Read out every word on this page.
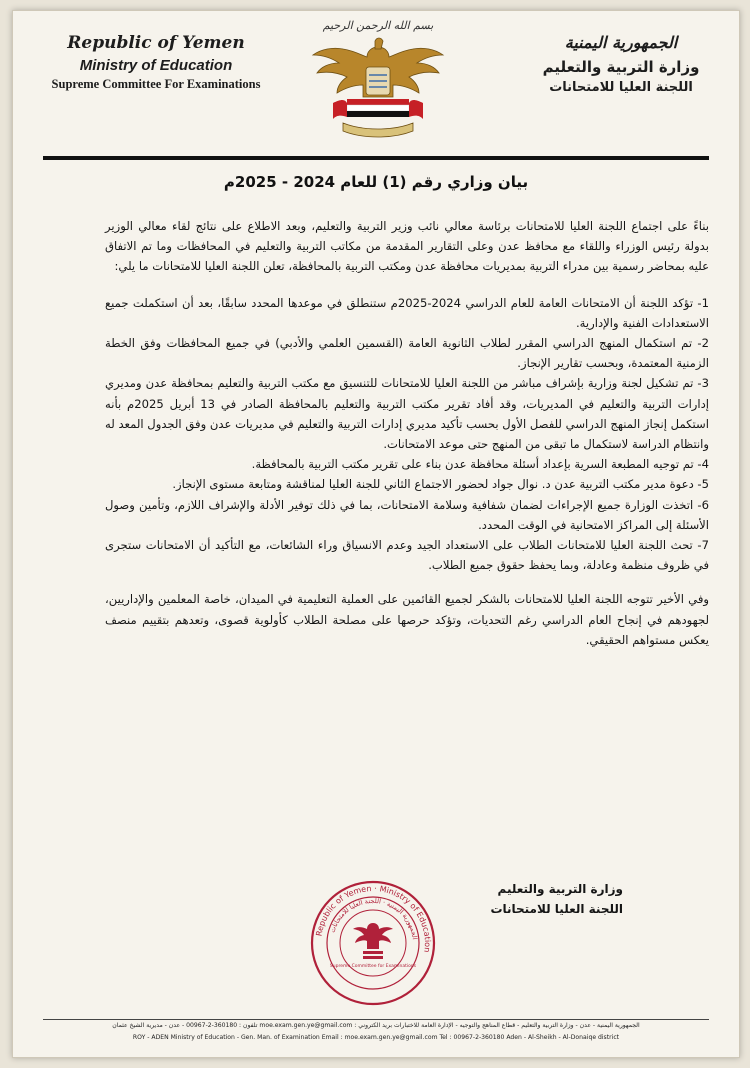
Republic of Yemen
Ministry of Education
Supreme Committee For Examinations
بسم الله الرحمن الرحيم
الجمهورية اليمنية
وزارة التربية والتعليم
اللجنة العليا للامتحانات
بيان وزاري رقم (1) للعام 2024 - 2025م

بناءً على اجتماع اللجنة العليا للامتحانات برئاسة معالي نائب وزير التربية والتعليم، وبعد الاطلاع على نتائج لقاء معالي الوزير بدولة رئيس الوزراء واللقاء مع محافظ عدن وعلى التقارير المقدمة من مكاتب التربية والتعليم في المحافظات وما تم الاتفاق عليه بمحاضر رسمية بين مدراء التربية بمديريات محافظة عدن ومكتب التربية بالمحافظة، تعلن اللجنة العليا للامتحانات ما يلي:

1- تؤكد اللجنة أن الامتحانات العامة للعام الدراسي 2024-2025م ستنطلق في موعدها المحدد سابقًا، بعد أن استكملت جميع الاستعدادات الفنية والإدارية.

2- تم استكمال المنهج الدراسي المقرر لطلاب الثانوية العامة (القسمين العلمي والأدبي) في جميع المحافظات وفق الخطة الزمنية المعتمدة، وبحسب تقارير الإنجاز.

3- تم تشكيل لجنة وزارية بإشراف مباشر من اللجنة العليا للامتحانات للتنسيق مع مكتب التربية والتعليم بمحافظة عدن ومديري إدارات التربية والتعليم في المديريات، وقد أفاد تقرير مكتب التربية والتعليم بالمحافظة الصادر في 13 أبريل 2025م بأنه استكمل إنجاز المنهج الدراسي للفصل الأول بحسب تأكيد مديري إدارات التربية والتعليم في مديريات عدن وفق الجدول المعد له وانتظام الدراسة لاستكمال ما تبقى من المنهج حتى موعد الامتحانات.

4- تم توجيه المطبعة السرية بإعداد أسئلة محافظة عدن بناء على تقرير مكتب التربية بالمحافظة.

5- دعوة مدير مكتب التربية عدن د. نوال جواد لحضور الاجتماع الثاني للجنة العليا لمناقشة ومتابعة مستوى الإنجاز.

6- اتخذت الوزارة جميع الإجراءات لضمان شفافية وسلامة الامتحانات، بما في ذلك توفير الأدلة والإشراف اللازم، وتأمين وصول الأسئلة إلى المراكز الامتحانية في الوقت المحدد.

7- تحث اللجنة العليا للامتحانات الطلاب على الاستعداد الجيد وعدم الانسياق وراء الشائعات، مع التأكيد أن الامتحانات ستجرى في ظروف منظمة وعادلة، وبما يحفظ حقوق جميع الطلاب.

وفي الأخير تتوجه اللجنة العليا للامتحانات بالشكر لجميع القائمين على العملية التعليمية في الميدان، خاصة المعلمين والإداريين، لجهودهم في إنجاح العام الدراسي رغم التحديات، وتؤكد حرصها على مصلحة الطلاب كأولوية قصوى، وتعدهم بتقييم منصف يعكس مستواهم الحقيقي.

وزارة التربية والتعليم
اللجنة العليا للامتحانات
Republic of Yemen · Ministry of Education
الجمهورية اليمنية · اللجنة العليا للامتحانات
Supreme Committee for Examinations
الجمهورية اليمنية - عدن - وزارة التربية والتعليم - قطاع المناهج والتوجيه - الإدارة العامة للاختبارات بريد الكتروني : moe.exam.gen.ye@gmail.com تلفون : 360180-2-00967 - عدن - مديرية الشيخ عثمان
ROY - ADEN Ministry of Education - Gen. Man. of Examination Email : moe.exam.gen.ye@gmail.com Tel : 00967-2-360180 Aden - Al-Sheikh - Al-Donaiqe district
